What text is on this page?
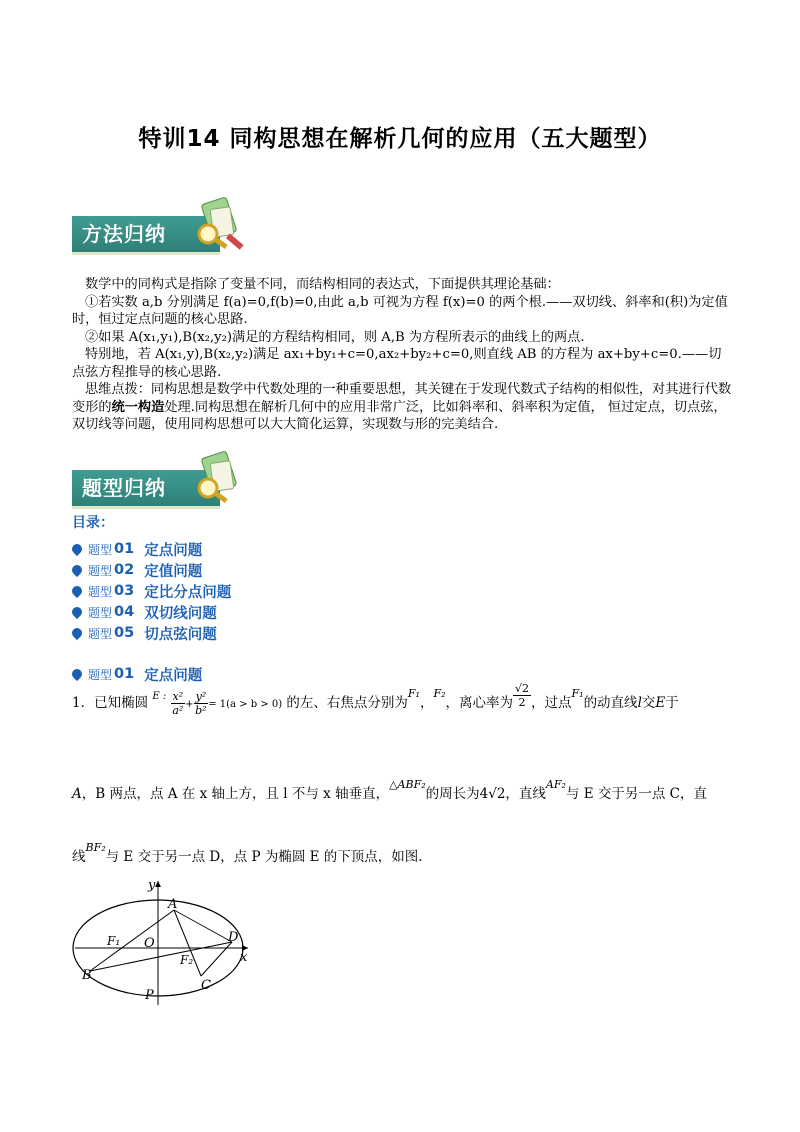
特训14 同构思想在解析几何的应用（五大题型）
方法归纳

数学中的同构式是指除了变量不同，而结构相同的表达式，下面提供其理论基础：

①若实数 a,b 分别满足 f(a)=0,f(b)=0,由此 a,b 可视为方程 f(x)=0 的两个根.——双切线、斜率和(积)为定值时，恒过定点问题的核心思路.

②如果 A(x₁,y₁),B(x₂,y₂)满足的方程结构相同，则 A,B 为方程所表示的曲线上的两点.

特别地，若 A(x₁,y),B(x₂,y₂)满足 ax₁+by₁+c=0,ax₂+by₂+c=0,则直线 AB 的方程为 ax+by+c=0.——切点弦方程推导的核心思路.

思维点拨：同构思想是数学中代数处理的一种重要思想，其关键在于发现代数式子结构的相似性，对其进行代数变形的统一构造处理.同构思想在解析几何中的应用非常广泛，比如斜率和、斜率积为定值， 恒过定点，切点弦，双切线等问题，使用同构思想可以大大简化运算，实现数与形的完美结合.

题型归纳
目录：
题型 01 定点问题
题型 02 定值问题
题型 03 定比分点问题
题型 04 双切线问题
题型 05 切点弦问题
题型 01 定点问题
1．已知椭圆 $^{E :} \frac{\text{x²}}{\text{a²}} + \frac{\text{y²}}{\text{b²}} = 1(a > b > 0)$ 的左、右焦点分别为$^{F_1}$，$^{F_2}$，离心率为 $\frac{√2}{2}$ ，过点$^{F_1}$的动直线l交E于
A，B 两点，点 A 在 x 轴上方，且 l 不与 x 轴垂直，$^{\triangle ABF_2}$的周长为4√2，直线$^{AF_2}$与 E 交于另一点 C，直
线$^{BF_2}$与 E 交于另一点 D，点 P 为椭圆 E 的下顶点，如图.
y
x
O
A
B
C
D
P
F₁
F₂
